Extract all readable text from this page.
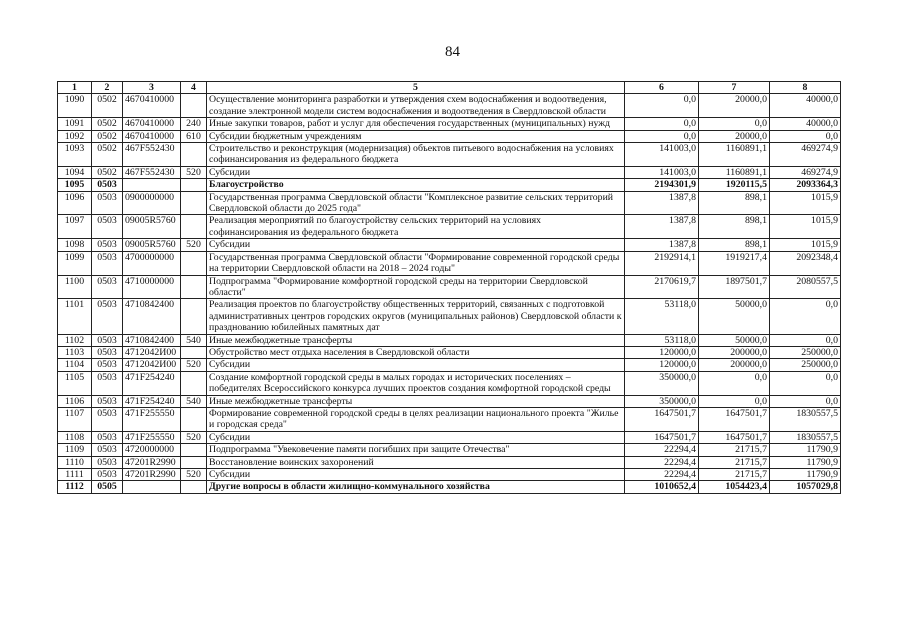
84
1	2	3	4	5	6	7	8
1090	0502	4670410000		Осуществление мониторинга разработки и утверждения схем водоснабжения и водоотведения, создание электронной модели систем водоснабжения и водоотведения в Свердловской области	0,0	20000,0	40000,0
1091	0502	4670410000	240	Иные закупки товаров, работ и услуг для обеспечения государственных (муниципальных) нужд	0,0	0,0	40000,0
1092	0502	4670410000	610	Субсидии бюджетным учреждениям	0,0	20000,0	0,0
1093	0502	467F552430		Строительство и реконструкция (модернизация) объектов питьевого водоснабжения на условиях софинансирования из федерального бюджета	141003,0	1160891,1	469274,9
1094	0502	467F552430	520	Субсидии	141003,0	1160891,1	469274,9
1095	0503			Благоустройство	2194301,9	1920115,5	2093364,3
1096	0503	0900000000		Государственная программа Свердловской области "Комплексное развитие сельских территорий Свердловской области до 2025 года"	1387,8	898,1	1015,9
1097	0503	09005R5760		Реализация мероприятий по благоустройству сельских территорий на условиях софинансирования из федерального бюджета	1387,8	898,1	1015,9
1098	0503	09005R5760	520	Субсидии	1387,8	898,1	1015,9
1099	0503	4700000000		Государственная программа Свердловской области "Формирование современной городской среды на территории Свердловской области на 2018 – 2024 годы"	2192914,1	1919217,4	2092348,4
1100	0503	4710000000		Подпрограмма "Формирование комфортной городской среды на территории Свердловской области"	2170619,7	1897501,7	2080557,5
1101	0503	4710842400		Реализация проектов по благоустройству общественных территорий, связанных с подготовкой административных центров городских округов (муниципальных районов) Свердловской области к празднованию юбилейных памятных дат	53118,0	50000,0	0,0
1102	0503	4710842400	540	Иные межбюджетные трансферты	53118,0	50000,0	0,0
1103	0503	4712042И00		Обустройство мест отдыха населения в Свердловской области	120000,0	200000,0	250000,0
1104	0503	4712042И00	520	Субсидии	120000,0	200000,0	250000,0
1105	0503	471F254240		Создание комфортной городской среды в малых городах и исторических поселениях – победителях Всероссийского конкурса лучших проектов создания комфортной городской среды	350000,0	0,0	0,0
1106	0503	471F254240	540	Иные межбюджетные трансферты	350000,0	0,0	0,0
1107	0503	471F255550		Формирование современной городской среды в целях реализации национального проекта "Жилье и городская среда"	1647501,7	1647501,7	1830557,5
1108	0503	471F255550	520	Субсидии	1647501,7	1647501,7	1830557,5
1109	0503	4720000000		Подпрограмма "Увековечение памяти погибших при защите Отечества"	22294,4	21715,7	11790,9
1110	0503	47201R2990		Восстановление воинских захоронений	22294,4	21715,7	11790,9
1111	0503	47201R2990	520	Субсидии	22294,4	21715,7	11790,9
1112	0505			Другие вопросы в области жилищно-коммунального хозяйства	1010652,4	1054423,4	1057029,8
